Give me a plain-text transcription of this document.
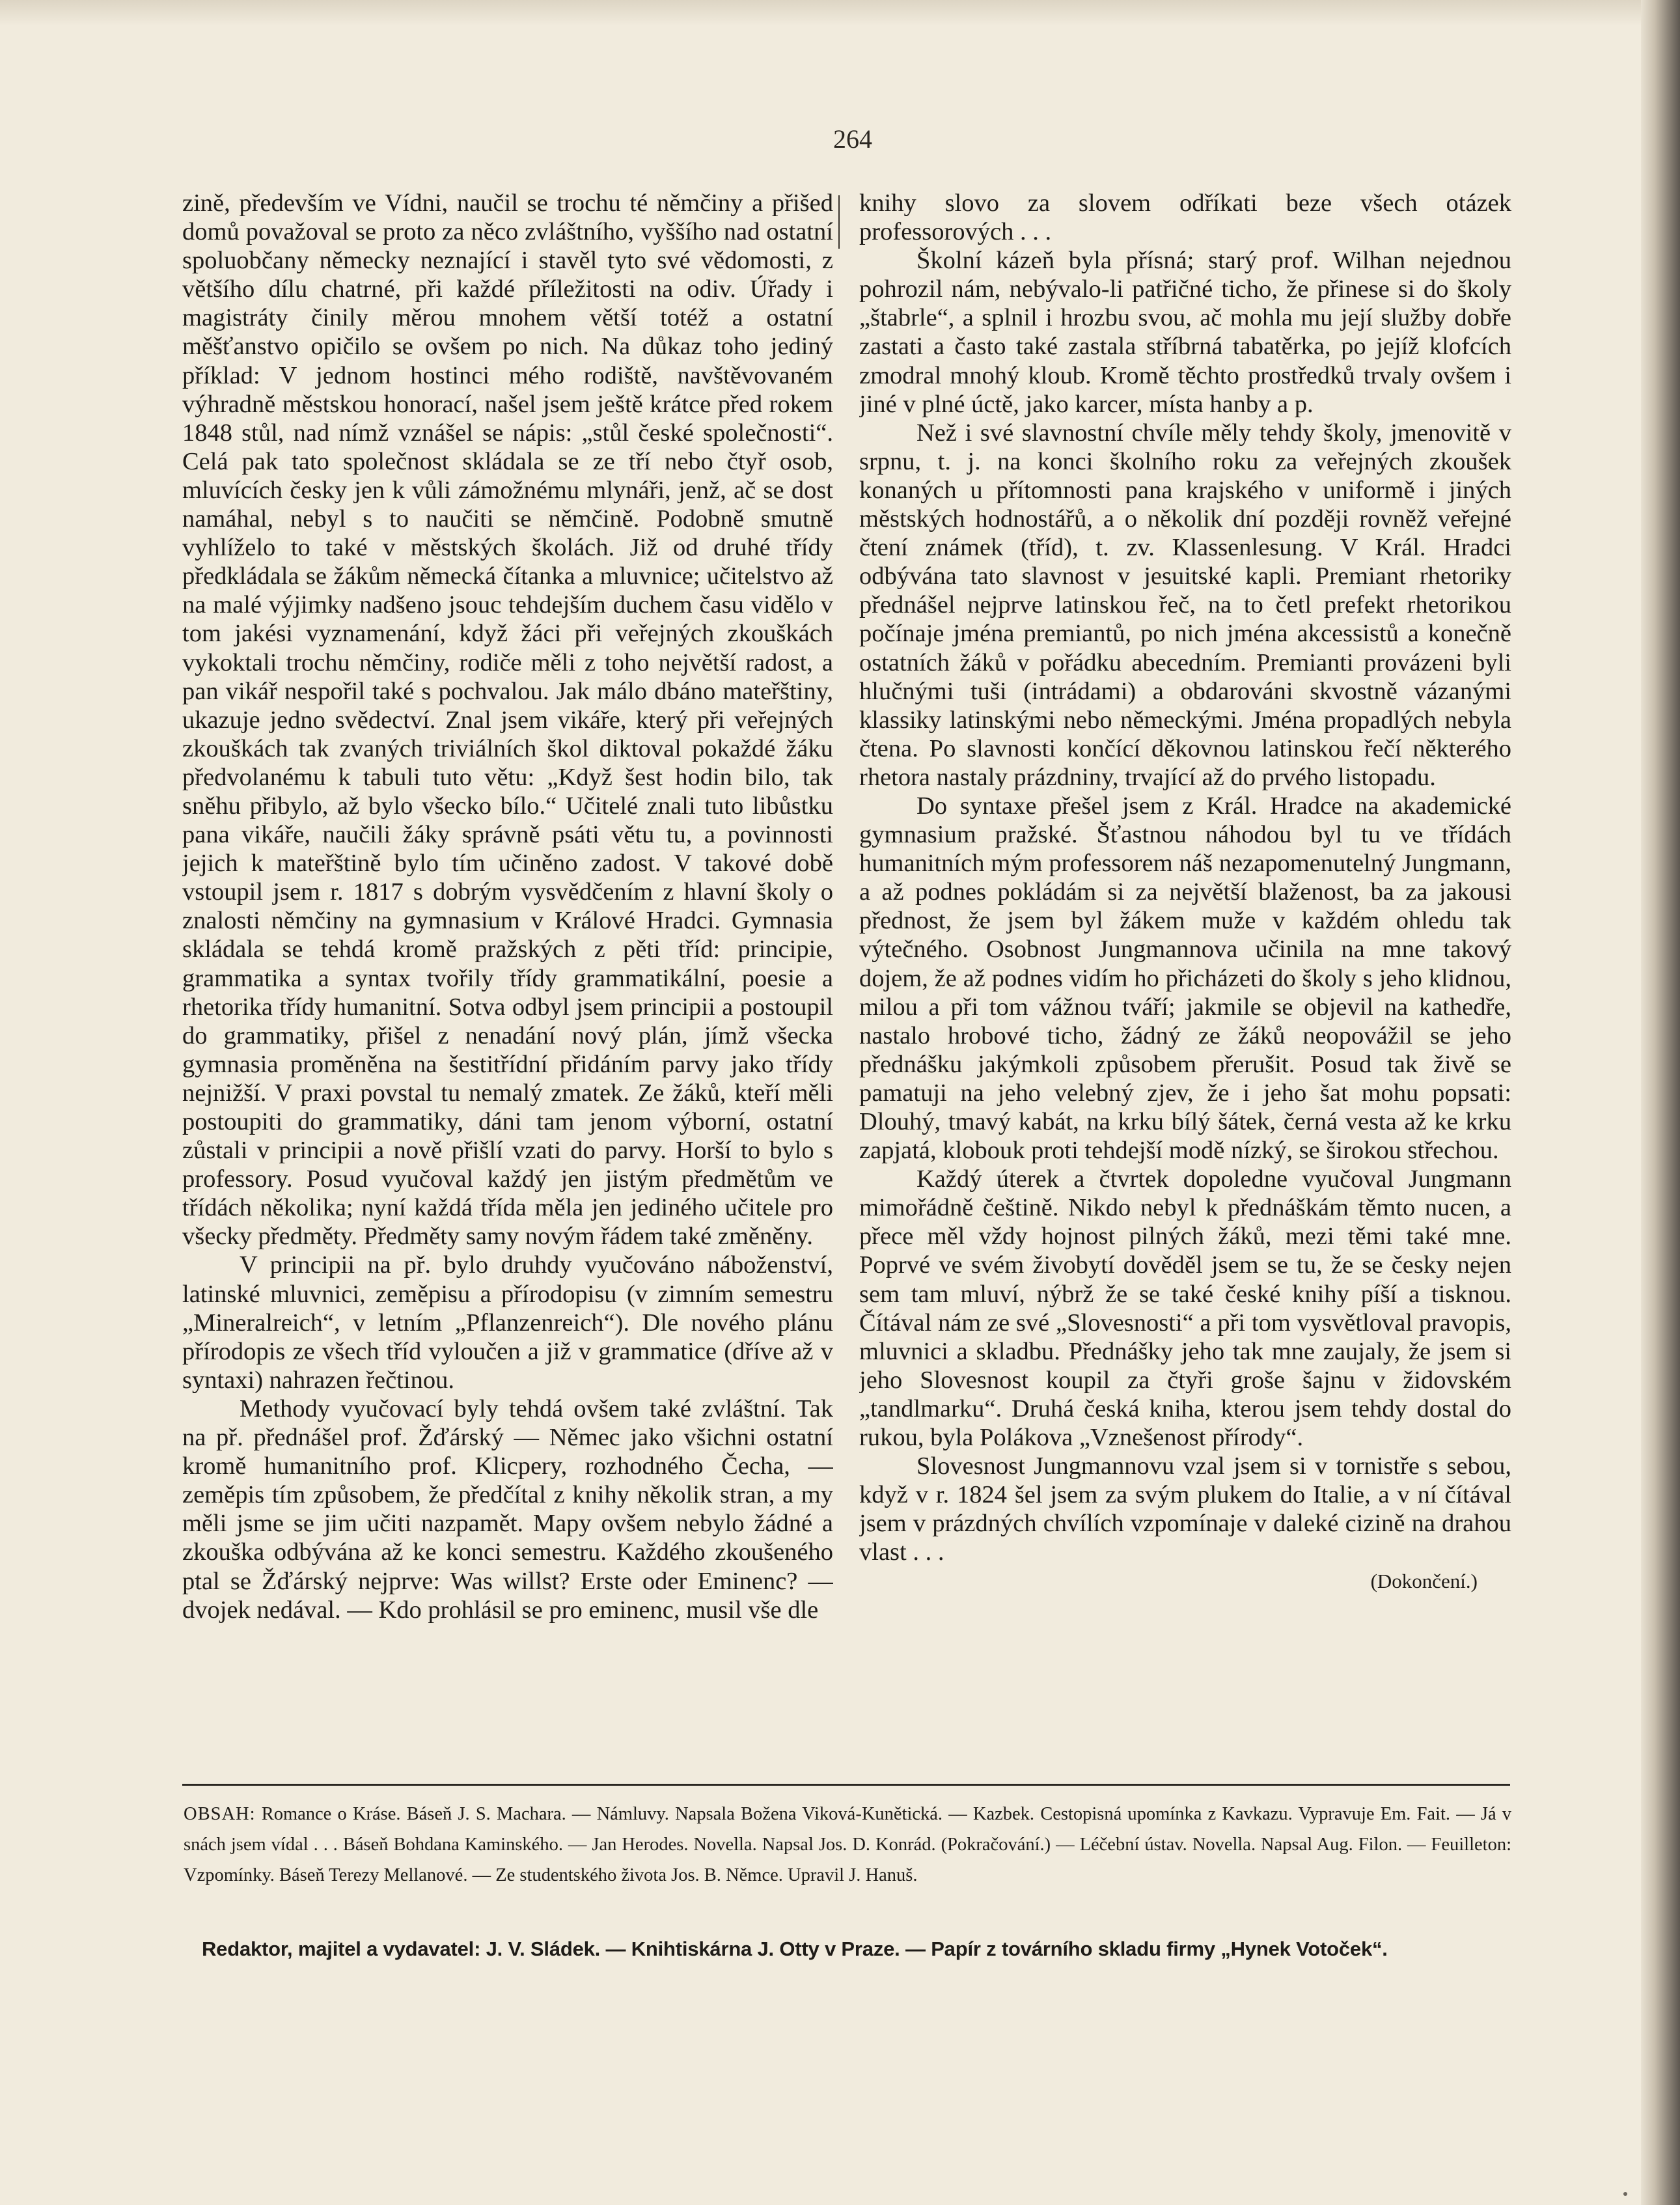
264

zině, především ve Vídni, naučil se trochu té němčiny a přišed domů považoval se proto za něco zvláštního, vyššího nad ostatní spoluobčany německy neznající i stavěl tyto své vědomosti, z většího dílu chatrné, při každé příležitosti na odiv. Úřady i magistráty činily měrou mnohem větší totéž a ostatní měšťanstvo opičilo se ovšem po nich. Na důkaz toho jediný příklad: V jednom hostinci mého rodiště, navštěvovaném výhradně městskou honorací, našel jsem ještě krátce před rokem 1848 stůl, nad nímž vznášel se nápis: „stůl české společnosti“. Celá pak tato společnost skládala se ze tří nebo čtyř osob, mluvících česky jen k vůli zámožnému mlynáři, jenž, ač se dost namáhal, nebyl s to naučiti se němčině. Podobně smutně vyhlíželo to také v městských školách. Již od druhé třídy předkládala se žákům německá čítanka a mluvnice; učitelstvo až na malé výjimky nadšeno jsouc tehdejším duchem času vidělo v tom jakési vyznamenání, když žáci při veřejných zkouškách vykoktali trochu němčiny, rodiče měli z toho největší radost, a pan vikář nespořil také s pochvalou. Jak málo dbáno mateřštiny, ukazuje jedno svědectví. Znal jsem vikáře, který při veřejných zkouškách tak zvaných triviálních škol diktoval pokaždé žáku předvolanému k tabuli tuto větu: „Když šest hodin bilo, tak sněhu přibylo, až bylo všecko bílo.“ Učitelé znali tuto libůstku pana vikáře, naučili žáky správně psáti větu tu, a povinnosti jejich k mateřštině bylo tím učiněno zadost. V takové době vstoupil jsem r. 1817 s dobrým vysvědčením z hlavní školy o znalosti němčiny na gymnasium v Králové Hradci. Gymnasia skládala se tehdá kromě pražských z pěti tříd: principie, grammatika a syntax tvořily třídy grammatikální, poesie a rhetorika třídy humanitní. Sotva odbyl jsem principii a postoupil do grammatiky, přišel z nenadání nový plán, jímž všecka gymnasia proměněna na šestitřídní přidáním parvy jako třídy nejnižší. V praxi povstal tu nemalý zmatek. Ze žáků, kteří měli postoupiti do grammatiky, dáni tam jenom výborní, ostatní zůstali v principii a nově přišlí vzati do parvy. Horší to bylo s professory. Posud vyučoval každý jen jistým předmětům ve třídách několika; nyní každá třída měla jen jediného učitele pro všecky předměty. Předměty samy novým řádem také změněny.

V principii na př. bylo druhdy vyučováno náboženství, latinské mluvnici, zeměpisu a přírodopisu (v zimním semestru „Mineralreich“, v letním „Pflanzenreich“). Dle nového plánu přírodopis ze všech tříd vyloučen a již v grammatice (dříve až v syntaxi) nahrazen řečtinou.

Methody vyučovací byly tehdá ovšem také zvláštní. Tak na př. přednášel prof. Žďárský — Němec jako všichni ostatní kromě humanitního prof. Klicpery, rozhodného Čecha, — zeměpis tím způsobem, že předčítal z knihy několik stran, a my měli jsme se jim učiti nazpamět. Mapy ovšem nebylo žádné a zkouška odbývána až ke konci semestru. Každého zkoušeného ptal se Žďárský nejprve: Was willst? Erste oder Eminenc? — dvojek nedával. — Kdo prohlásil se pro eminenc, musil vše dle

knihy slovo za slovem odříkati beze všech otázek professorových . . .

Školní kázeň byla přísná; starý prof. Wilhan nejednou pohrozil nám, nebývalo-li patřičné ticho, že přinese si do školy „štabrle“, a splnil i hrozbu svou, ač mohla mu její služby dobře zastati a často také zastala stříbrná tabatěrka, po jejíž klofcích zmodral mnohý kloub. Kromě těchto prostředků trvaly ovšem i jiné v plné úctě, jako karcer, místa hanby a p.

Než i své slavnostní chvíle měly tehdy školy, jmenovitě v srpnu, t. j. na konci školního roku za veřejných zkoušek konaných u přítomnosti pana krajského v uniformě i jiných městských hodnostářů, a o několik dní později rovněž veřejné čtení známek (tříd), t. zv. Klassenlesung. V Král. Hradci odbývána tato slavnost v jesuitské kapli. Premiant rhetoriky přednášel nejprve latinskou řeč, na to četl prefekt rhetorikou počínaje jména premiantů, po nich jména akcessistů a konečně ostatních žáků v pořádku abecedním. Premianti provázeni byli hlučnými tuši (intrádami) a obdarováni skvostně vázanými klassiky latinskými nebo německými. Jména propadlých nebyla čtena. Po slavnosti končící děkovnou latinskou řečí některého rhetora nastaly prázdniny, trvající až do prvého listopadu.

Do syntaxe přešel jsem z Král. Hradce na akademické gymnasium pražské. Šťastnou náhodou byl tu ve třídách humanitních mým professorem náš nezapomenutelný Jungmann, a až podnes pokládám si za největší blaženost, ba za jakousi přednost, že jsem byl žákem muže v každém ohledu tak výtečného. Osobnost Jungmannova učinila na mne takový dojem, že až podnes vidím ho přicházeti do školy s jeho klidnou, milou a při tom vážnou tváří; jakmile se objevil na kathedře, nastalo hrobové ticho, žádný ze žáků neopovážil se jeho přednášku jakýmkoli způsobem přerušit. Posud tak živě se pamatuji na jeho velebný zjev, že i jeho šat mohu popsati: Dlouhý, tmavý kabát, na krku bílý šátek, černá vesta až ke krku zapjatá, klobouk proti tehdejší modě nízký, se širokou střechou.

Každý úterek a čtvrtek dopoledne vyučoval Jungmann mimořádně češtině. Nikdo nebyl k přednáškám těmto nucen, a přece měl vždy hojnost pilných žáků, mezi těmi také mne. Poprvé ve svém živobytí dověděl jsem se tu, že se česky nejen sem tam mluví, nýbrž že se také české knihy píší a tisknou. Čítával nám ze své „Slovesnosti“ a při tom vysvětloval pravopis, mluvnici a skladbu. Přednášky jeho tak mne zaujaly, že jsem si jeho Slovesnost koupil za čtyři groše šajnu v židovském „tandlmarku“. Druhá česká kniha, kterou jsem tehdy dostal do rukou, byla Polákova „Vznešenost přírody“.

Slovesnost Jungmannovu vzal jsem si v tornistře s sebou, když v r. 1824 šel jsem za svým plukem do Italie, a v ní čítával jsem v prázdných chvílích vzpomínaje v daleké cizině na drahou vlast . . .

(Dokončení.)

OBSAH: Romance o Kráse. Báseň J. S. Machara. — Námluvy. Napsala Božena Viková-Kunětická. — Kazbek. Cestopisná upomínka z Kavkazu. Vypravuje Em. Fait. — Já v snách jsem vídal . . . Báseň Bohdana Kaminského. — Jan Herodes. Novella. Napsal Jos. D. Konrád. (Pokračování.) — Léčební ústav. Novella. Napsal Aug. Filon. — Feuilleton: Vzpomínky. Báseň Terezy Mellanové. — Ze studentského života Jos. B. Němce. Upravil J. Hanuš.
Redaktor, majitel a vydavatel: J. V. Sládek. — Knihtiskárna J. Otty v Praze. — Papír z továrního skladu firmy „Hynek Votoček“.
